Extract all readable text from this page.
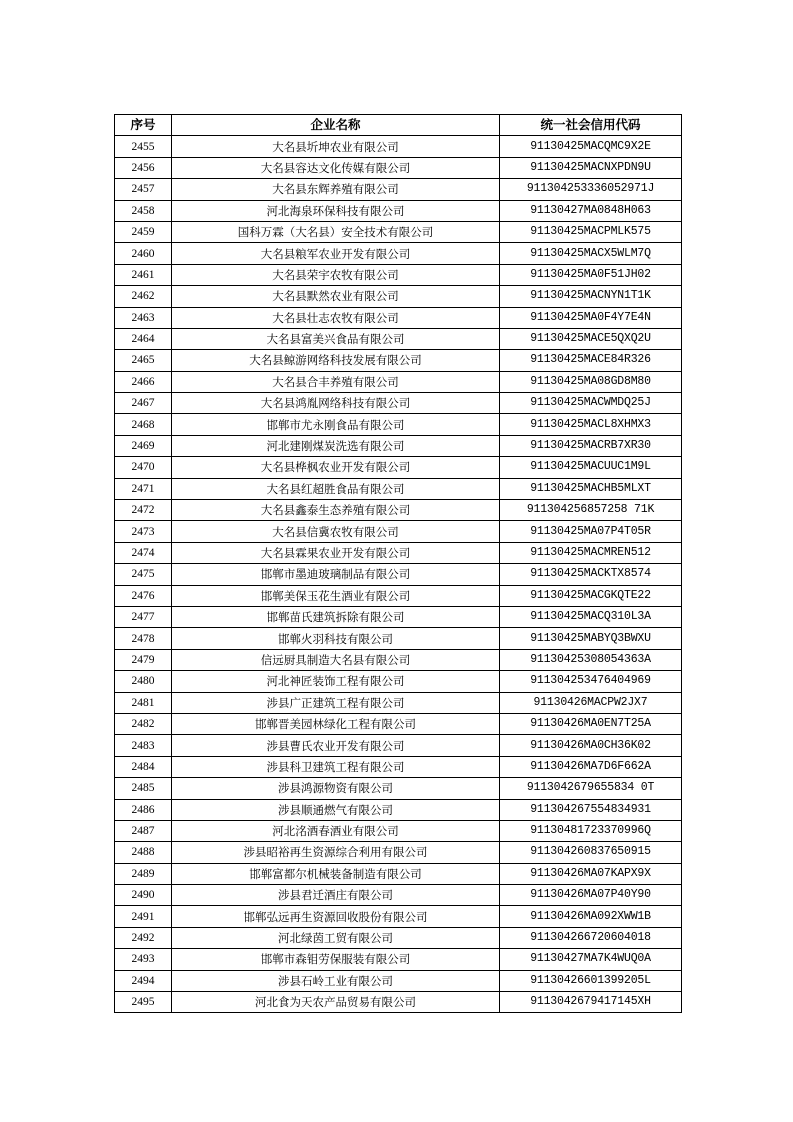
序号	企业名称	统一社会信用代码
2455	大名县圻坤农业有限公司	91130425MACQMC9X2E
2456	大名县容达文化传媒有限公司	91130425MACNXPDN9U
2457	大名县东辉养殖有限公司	911304253336052971J
2458	河北海泉环保科技有限公司	91130427MA0848H063
2459	国科万霖（大名县）安全技术有限公司	91130425MACPMLK575
2460	大名县粮军农业开发有限公司	91130425MACX5WLM7Q
2461	大名县荣宇农牧有限公司	91130425MA0F51JH02
2462	大名县默然农业有限公司	91130425MACNYN1T1K
2463	大名县壮志农牧有限公司	91130425MA0F4Y7E4N
2464	大名县富美兴食品有限公司	91130425MACE5QXQ2U
2465	大名县鲸游网络科技发展有限公司	91130425MACE84R326
2466	大名县合丰养殖有限公司	91130425MA08GD8M80
2467	大名县鸿胤网络科技有限公司	91130425MACWMDQ25J
2468	邯郸市尤永刚食品有限公司	91130425MACL8XHMX3
2469	河北建刚煤炭洗选有限公司	91130425MACRB7XR30
2470	大名县桦枫农业开发有限公司	91130425MACUUC1M9L
2471	大名县红超胜食品有限公司	91130425MACHB5MLXT
2472	大名县鑫泰生态养殖有限公司	911304256857258 71K
2473	大名县信冀农牧有限公司	91130425MA07P4T05R
2474	大名县霖果农业开发有限公司	91130425MACMREN512
2475	邯郸市墨迪玻璃制品有限公司	91130425MACKTX8574
2476	邯郸美保玉花生酒业有限公司	91130425MACGKQTE22
2477	邯郸苗氏建筑拆除有限公司	91130425MACQ310L3A
2478	邯郸火羽科技有限公司	91130425MABYQ3BWXU
2479	信远厨具制造大名县有限公司	91130425308054363A
2480	河北神匠装饰工程有限公司	911304253476404969
2481	涉县广正建筑工程有限公司	91130426MACPW2JX7
2482	邯郸晋美园林绿化工程有限公司	91130426MA0EN7T25A
2483	涉县曹氏农业开发有限公司	91130426MA0CH36K02
2484	涉县科卫建筑工程有限公司	91130426MA7D6F662A
2485	涉县鸿源物资有限公司	9113042679655834 0T
2486	涉县顺通燃气有限公司	911304267554834931
2487	河北洺酒春酒业有限公司	91130481723370996Q
2488	涉县昭裕再生资源综合利用有限公司	911304260837650915
2489	邯郸富都尔机械装备制造有限公司	91130426MA07KAPX9X
2490	涉县君迁酒庄有限公司	91130426MA07P40Y90
2491	邯郸弘远再生资源回收股份有限公司	91130426MA092XWW1B
2492	河北绿茵工贸有限公司	911304266720604018
2493	邯郸市森钼劳保服装有限公司	91130427MA7K4WUQ0A
2494	涉县石岭工业有限公司	91130426601399205L
2495	河北食为天农产品贸易有限公司	9113042679417145XH
